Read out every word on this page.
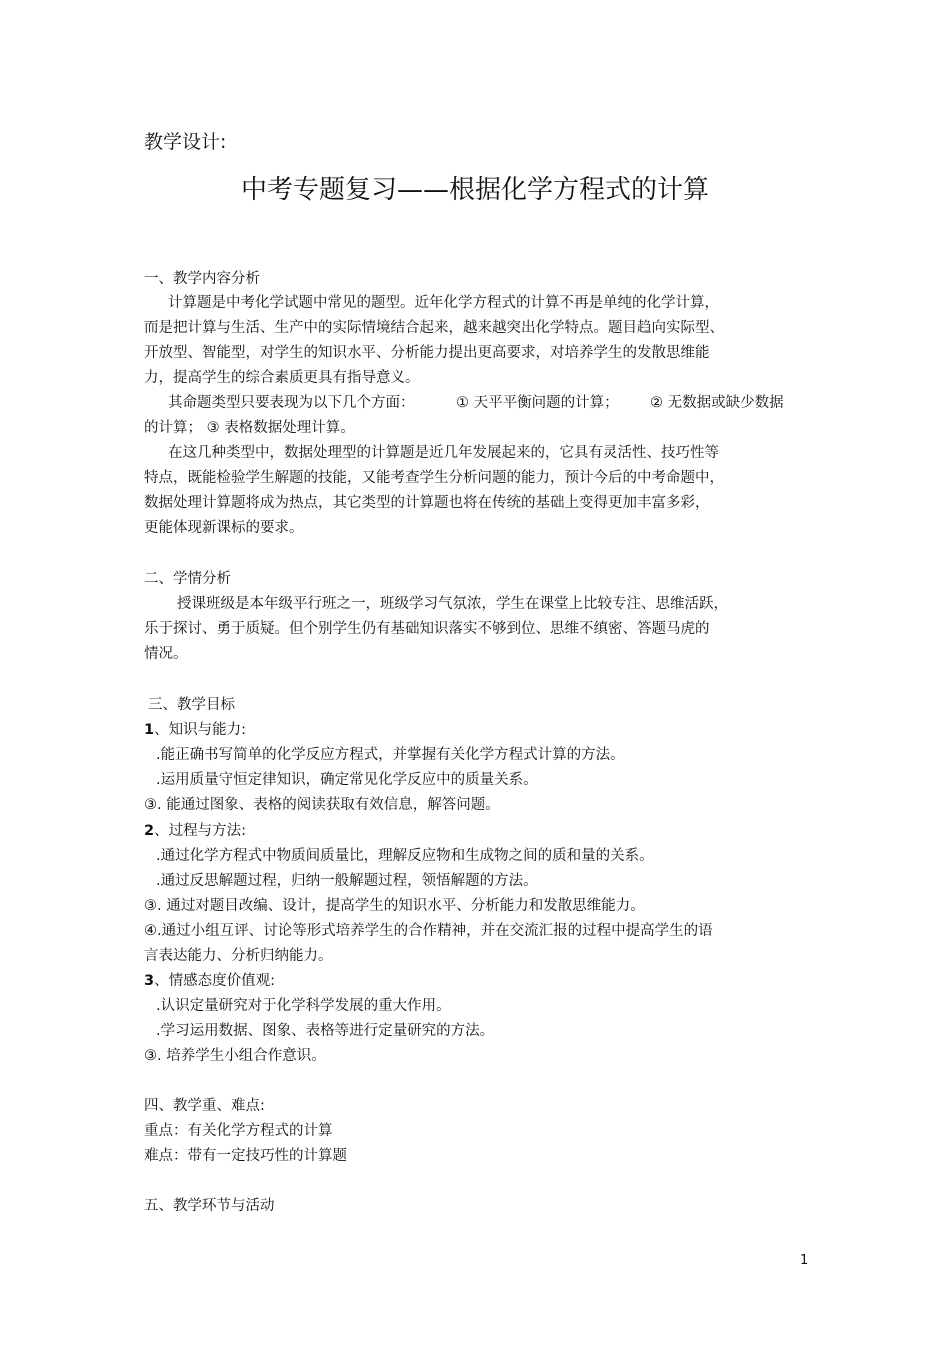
教学设计:
中考专题复习——根据化学方程式的计算
一、教学内容分析
计算题是中考化学试题中常见的题型。近年化学方程式的计算不再是单纯的化学计算，
而是把计算与生活、生产中的实际情境结合起来，越来越突出化学特点。题目趋向实际型、
开放型、智能型，对学生的知识水平、分析能力提出更高要求，对培养学生的发散思维能
力，提高学生的综合素质更具有指导意义。
其命题类型只要表现为以下几个方面：	① 天平平衡问题的计算； ② 无数据或缺少数据
的计算； ③ 表格数据处理计算。
在这几种类型中，数据处理型的计算题是近几年发展起来的，它具有灵活性、技巧性等
特点，既能检验学生解题的技能，又能考查学生分析问题的能力，预计今后的中考命题中，
数据处理计算题将成为热点，其它类型的计算题也将在传统的基础上变得更加丰富多彩，
更能体现新课标的要求。
二、学情分析
授课班级是本年级平行班之一，班级学习气氛浓，学生在课堂上比较专注、思维活跃，
乐于探讨、勇于质疑。但个别学生仍有基础知识落实不够到位、思维不缜密、答题马虎的
情况。
三、教学目标
1、知识与能力:
.能正确书写简单的化学反应方程式，并掌握有关化学方程式计算的方法。
.运用质量守恒定律知识，确定常见化学反应中的质量关系。
③. 能通过图象、表格的阅读获取有效信息，解答问题。
2、过程与方法:
.通过化学方程式中物质间质量比，理解反应物和生成物之间的质和量的关系。
.通过反思解题过程，归纳一般解题过程，领悟解题的方法。
③. 通过对题目改编、设计，提高学生的知识水平、分析能力和发散思维能力。
④.通过小组互评、讨论等形式培养学生的合作精神，并在交流汇报的过程中提高学生的语
言表达能力、分析归纳能力。
3、情感态度价值观:
.认识定量研究对于化学科学发展的重大作用。
.学习运用数据、图象、表格等进行定量研究的方法。
③. 培养学生小组合作意识。
四、教学重、难点:
重点：有关化学方程式的计算
难点：带有一定技巧性的计算题
五、教学环节与活动
1
